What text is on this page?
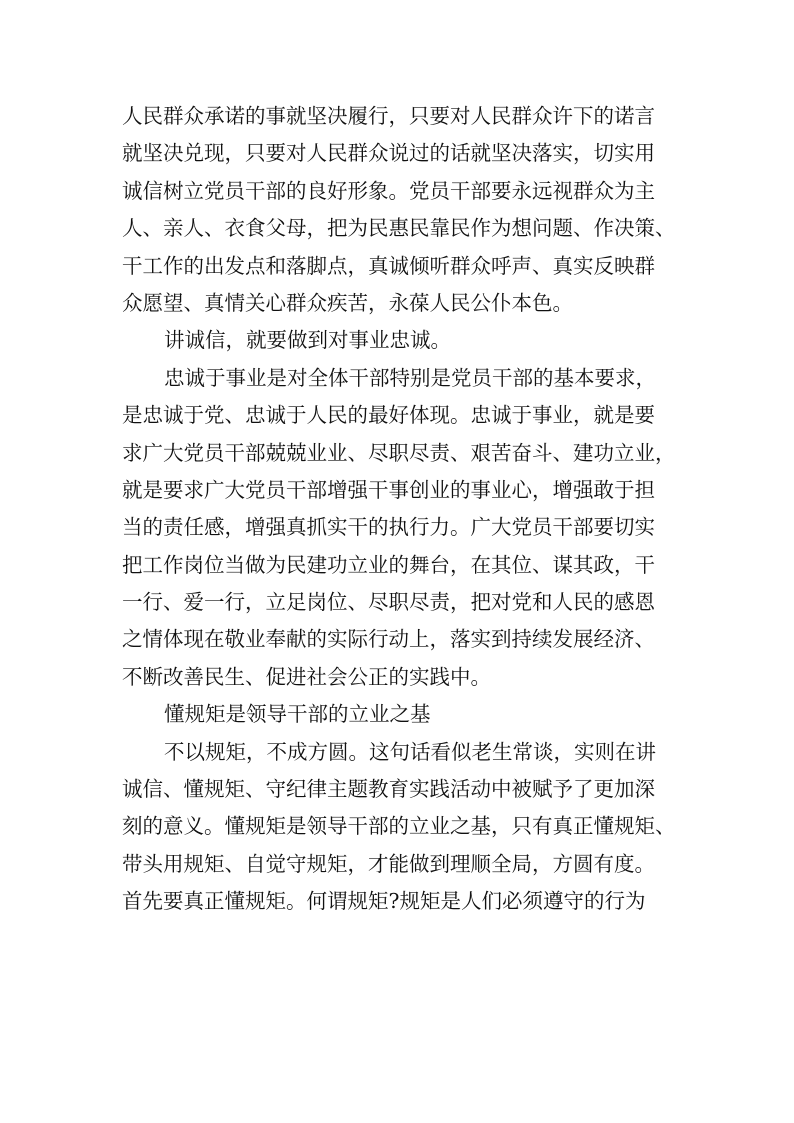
人民群众承诺的事就坚决履行，只要对人民群众许下的诺言
就坚决兑现，只要对人民群众说过的话就坚决落实，切实用
诚信树立党员干部的良好形象。党员干部要永远视群众为主
人、亲人、衣食父母，把为民惠民靠民作为想问题、作决策、
干工作的出发点和落脚点，真诚倾听群众呼声、真实反映群
众愿望、真情关心群众疾苦，永葆人民公仆本色。
讲诚信，就要做到对事业忠诚。
忠诚于事业是对全体干部特别是党员干部的基本要求，
是忠诚于党、忠诚于人民的最好体现。忠诚于事业，就是要
求广大党员干部兢兢业业、尽职尽责、艰苦奋斗、建功立业，
就是要求广大党员干部增强干事创业的事业心，增强敢于担
当的责任感，增强真抓实干的执行力。广大党员干部要切实
把工作岗位当做为民建功立业的舞台，在其位、谋其政，干
一行、爱一行，立足岗位、尽职尽责，把对党和人民的感恩
之情体现在敬业奉献的实际行动上，落实到持续发展经济、
不断改善民生、促进社会公正的实践中。
懂规矩是领导干部的立业之基
不以规矩，不成方圆。这句话看似老生常谈，实则在讲
诚信、懂规矩、守纪律主题教育实践活动中被赋予了更加深
刻的意义。懂规矩是领导干部的立业之基，只有真正懂规矩、
带头用规矩、自觉守规矩，才能做到理顺全局，方圆有度。
首先要真正懂规矩。何谓规矩?规矩是人们必须遵守的行为
